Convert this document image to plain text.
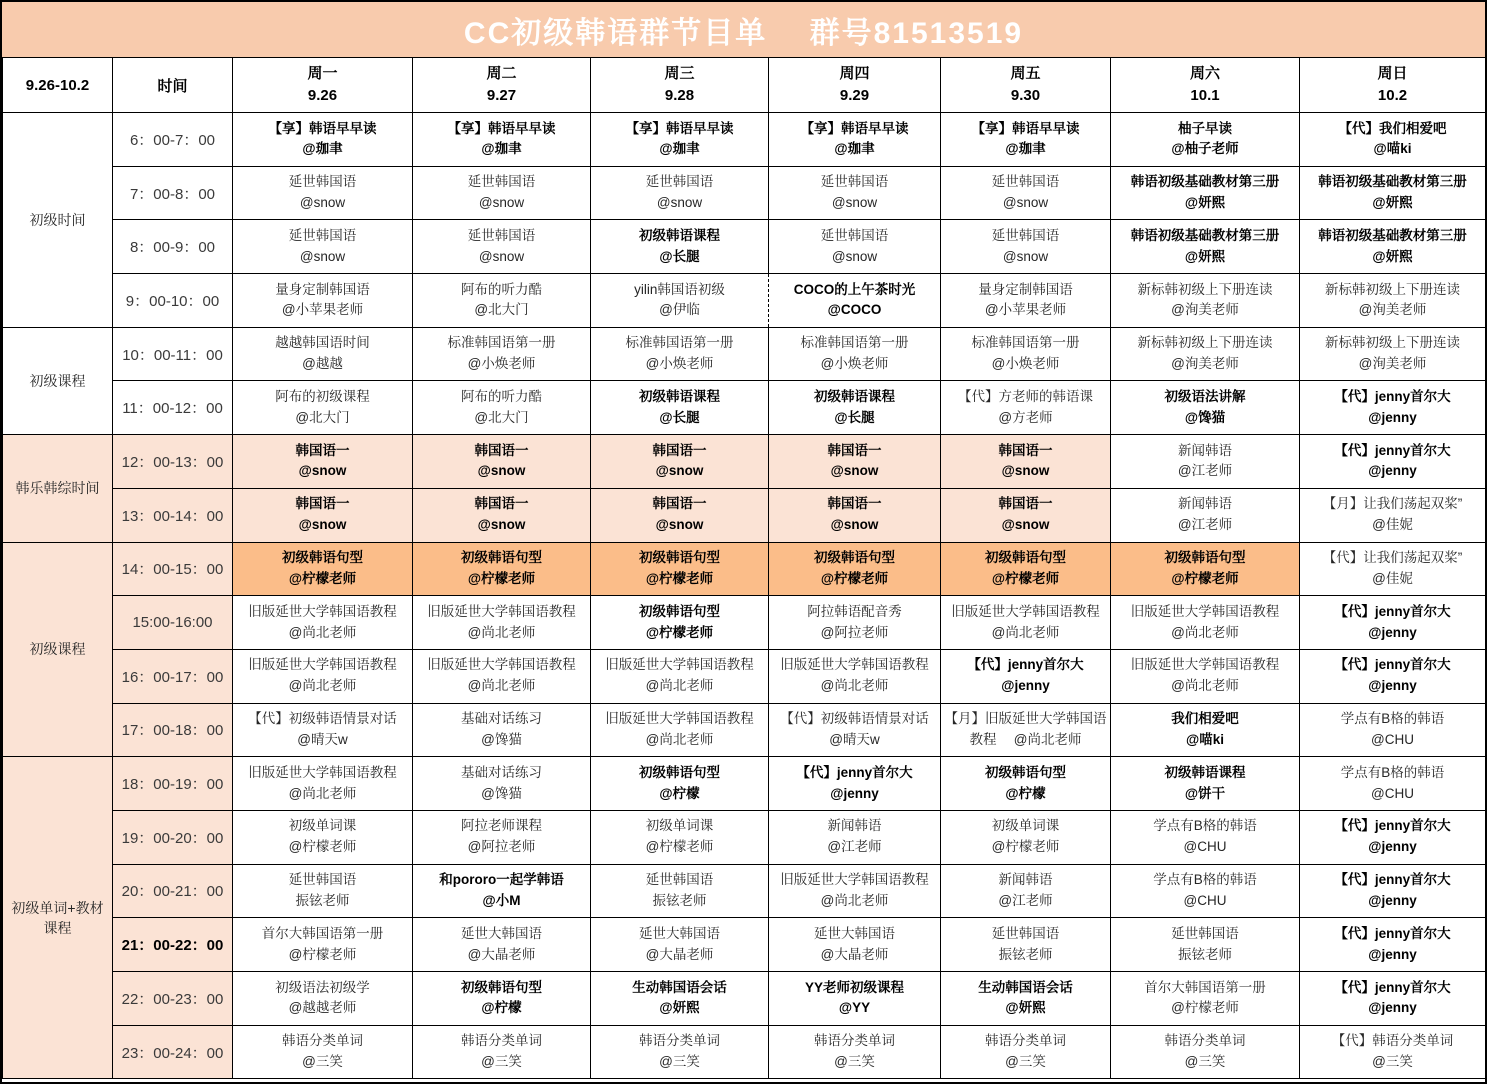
CC初级韩语群节目单　 群号81513519
9.26-10.2	时间	
周一
9.26

周二
9.27

周三
9.28

周四
9.29

周五
9.30

周六
10.1

周日
10.2

初级时间	6：00-7：00	
【享】韩语早早读
@珈聿

【享】韩语早早读
@珈聿

【享】韩语早早读
@珈聿

【享】韩语早早读
@珈聿

【享】韩语早早读
@珈聿

柚子早读
@柚子老师

【代】我们相爱吧
@喵ki

7：00-8：00	
延世韩国语
@snow

延世韩国语
@snow

延世韩国语
@snow

延世韩国语
@snow

延世韩国语
@snow

韩语初级基础教材第三册
@妍熙

韩语初级基础教材第三册
@妍熙

8：00-9：00	
延世韩国语
@snow

延世韩国语
@snow

初级韩语课程
@长腿

延世韩国语
@snow

延世韩国语
@snow

韩语初级基础教材第三册
@妍熙

韩语初级基础教材第三册
@妍熙

9：00-10：00	
量身定制韩国语
@小苹果老师

阿布的听力酷
@北大门

yilin韩国语初级
@伊临

COCO的上午茶时光
@COCO

量身定制韩国语
@小苹果老师

新标韩初级上下册连读
@洵美老师

新标韩初级上下册连读
@洵美老师

初级课程	10：00-11：00	
越越韩国语时间
@越越

标准韩国语第一册
@小焕老师

标准韩国语第一册
@小焕老师

标准韩国语第一册
@小焕老师

标准韩国语第一册
@小焕老师

新标韩初级上下册连读
@洵美老师

新标韩初级上下册连读
@洵美老师

11：00-12：00	
阿布的初级课程
@北大门

阿布的听力酷
@北大门

初级韩语课程
@长腿

初级韩语课程
@长腿

【代】方老师的韩语课
@方老师

初级语法讲解
@馋猫

【代】jenny首尔大
@jenny

韩乐韩综时间	12：00-13：00	
韩国语一
@snow

韩国语一
@snow

韩国语一
@snow

韩国语一
@snow

韩国语一
@snow

新闻韩语
@江老师

【代】jenny首尔大
@jenny

13：00-14：00	
韩国语一
@snow

韩国语一
@snow

韩国语一
@snow

韩国语一
@snow

韩国语一
@snow

新闻韩语
@江老师

【月】让我们荡起双桨”
@佳妮

初级课程	14：00-15：00	
初级韩语句型
@柠檬老师

初级韩语句型
@柠檬老师

初级韩语句型
@柠檬老师

初级韩语句型
@柠檬老师

初级韩语句型
@柠檬老师

初级韩语句型
@柠檬老师

【代】让我们荡起双桨”
@佳妮

15:00-16:00	
旧版延世大学韩国语教程
@尚北老师

旧版延世大学韩国语教程
@尚北老师

初级韩语句型
@柠檬老师

阿拉韩语配音秀
@阿拉老师

旧版延世大学韩国语教程
@尚北老师

旧版延世大学韩国语教程
@尚北老师

【代】jenny首尔大
@jenny

16：00-17：00	
旧版延世大学韩国语教程
@尚北老师

旧版延世大学韩国语教程
@尚北老师

旧版延世大学韩国语教程
@尚北老师

旧版延世大学韩国语教程
@尚北老师

【代】jenny首尔大
@jenny

旧版延世大学韩国语教程
@尚北老师

【代】jenny首尔大
@jenny

17：00-18：00	
【代】初级韩语情景对话
@晴天w

基础对话练习
@馋猫

旧版延世大学韩国语教程
@尚北老师

【代】初级韩语情景对话
@晴天w

【月】旧版延世大学韩国语
教程　 @尚北老师

我们相爱吧
@喵ki

学点有B格的韩语
@CHU

初级单词+教材课程	18：00-19：00	
旧版延世大学韩国语教程
@尚北老师

基础对话练习
@馋猫

初级韩语句型
@柠檬

【代】jenny首尔大
@jenny

初级韩语句型
@柠檬

初级韩语课程
@饼干

学点有B格的韩语
@CHU

19：00-20：00	
初级单词课
@柠檬老师

阿拉老师课程
@阿拉老师

初级单词课
@柠檬老师

新闻韩语
@江老师

初级单词课
@柠檬老师

学点有B格的韩语
@CHU

【代】jenny首尔大
@jenny

20：00-21：00	
延世韩国语
振铉老师

和pororo一起学韩语
@小M

延世韩国语
振铉老师

旧版延世大学韩国语教程
@尚北老师

新闻韩语
@江老师

学点有B格的韩语
@CHU

【代】jenny首尔大
@jenny

21：00-22：00	
首尔大韩国语第一册
@柠檬老师

延世大韩国语
@大晶老师

延世大韩国语
@大晶老师

延世大韩国语
@大晶老师

延世韩国语
振铉老师

延世韩国语
振铉老师

【代】jenny首尔大
@jenny

22：00-23：00	
初级语法初级学
@越越老师

初级韩语句型
@柠檬

生动韩国语会话
@妍熙

YY老师初级课程
@YY

生动韩国语会话
@妍熙

首尔大韩国语第一册
@柠檬老师

【代】jenny首尔大
@jenny

23：00-24：00	
韩语分类单词
@三笑

韩语分类单词
@三笑

韩语分类单词
@三笑

韩语分类单词
@三笑

韩语分类单词
@三笑

韩语分类单词
@三笑

【代】韩语分类单词
@三笑
